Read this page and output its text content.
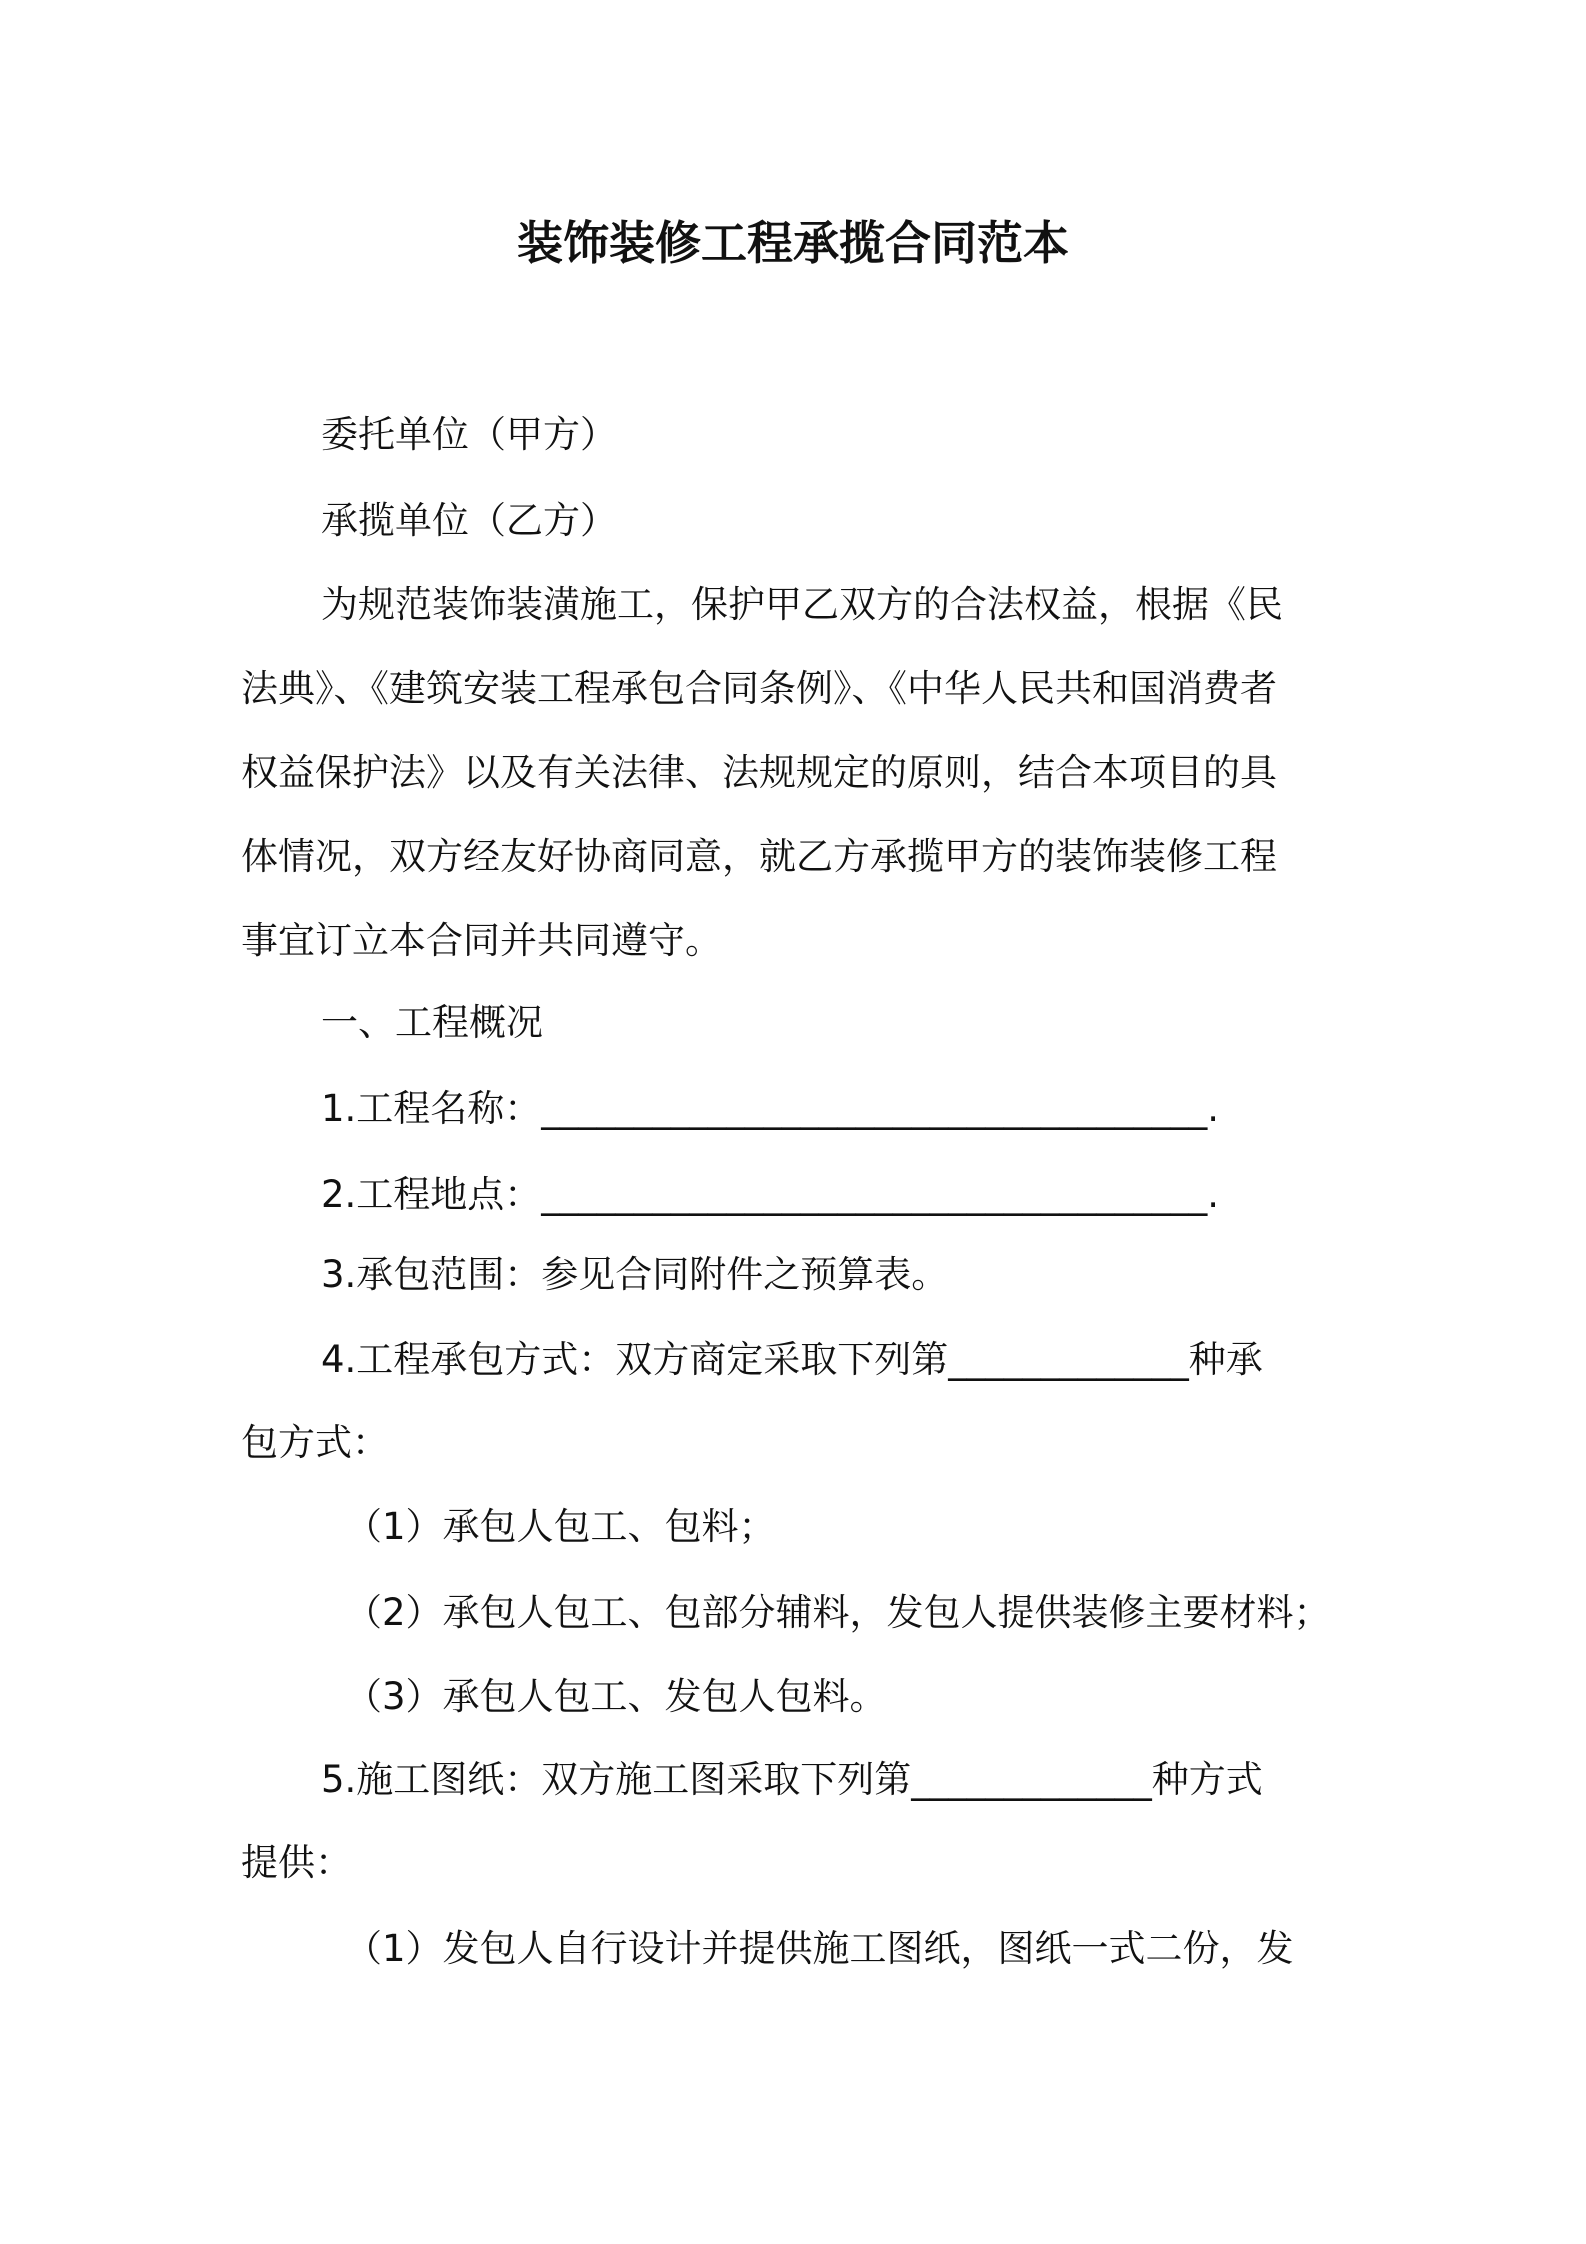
装饰装修工程承揽合同范本

委托单位（甲方）

承揽单位（乙方）

为规范装饰装潢施工，保护甲乙双方的合法权益，根据《民

法典》、《建筑安装工程承包合同条例》、《中华人民共和国消费者

权益保护法》以及有关法律、法规规定的原则，结合本项目的具

体情况，双方经友好协商同意，就乙方承揽甲方的装饰装修工程

事宜订立本合同并共同遵守。

一、工程概况

1.工程名称：____________________________________.

2.工程地点：____________________________________.

3.承包范围：参见合同附件之预算表。

4.工程承包方式：双方商定采取下列第_____________种承

包方式：

（1）承包人包工、包料；

（2）承包人包工、包部分辅料，发包人提供装修主要材料；

（3）承包人包工、发包人包料。

5.施工图纸：双方施工图采取下列第_____________种方式

提供：

（1）发包人自行设计并提供施工图纸，图纸一式二份，发
